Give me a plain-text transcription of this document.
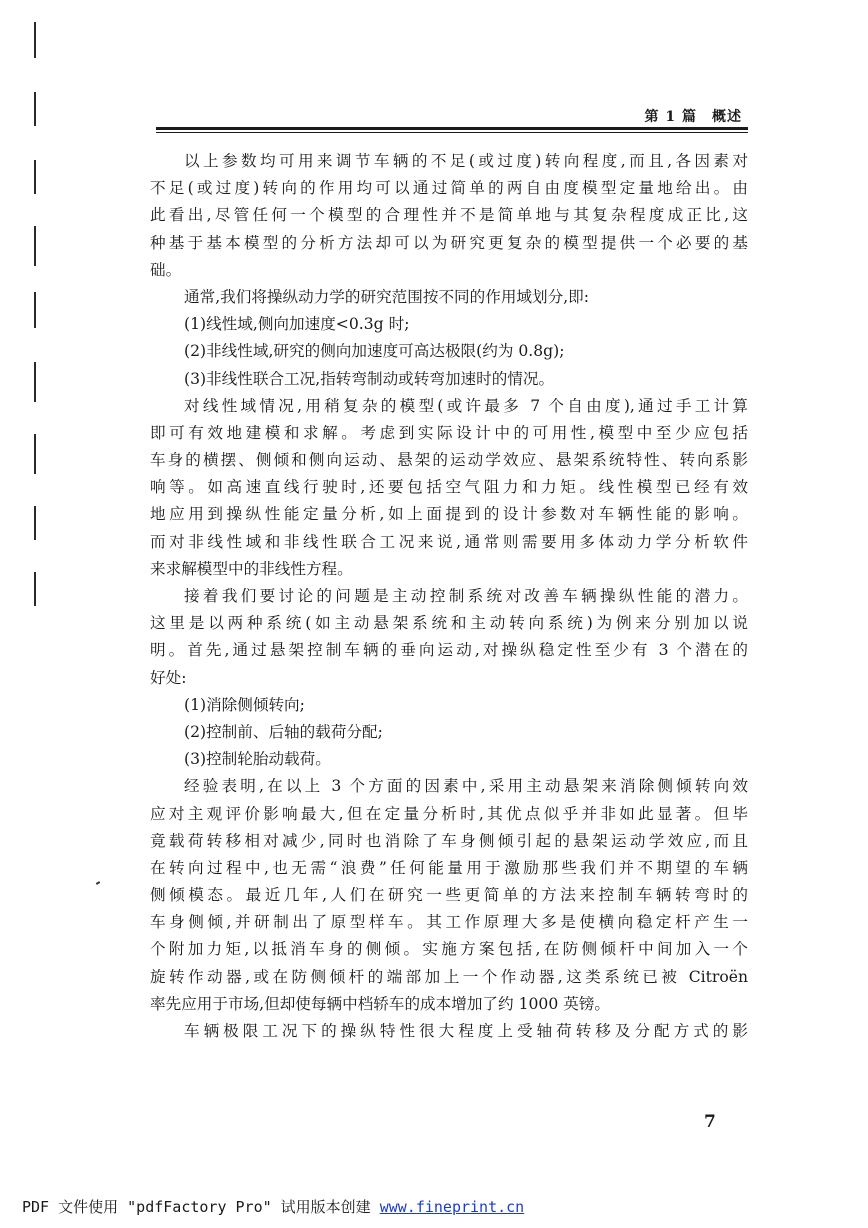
第 1 篇　概述
以上参数均可用来调节车辆的不足(或过度)转向程度,而且,各因素对
不足(或过度)转向的作用均可以通过简单的两自由度模型定量地给出。由
此看出,尽管任何一个模型的合理性并不是简单地与其复杂程度成正比,这
种基于基本模型的分析方法却可以为研究更复杂的模型提供一个必要的基
础。
通常,我们将操纵动力学的研究范围按不同的作用域划分,即:
(1)线性域,侧向加速度<0.3g 时;
(2)非线性域,研究的侧向加速度可高达极限(约为 0.8g);
(3)非线性联合工况,指转弯制动或转弯加速时的情况。
对线性域情况,用稍复杂的模型(或许最多 7 个自由度),通过手工计算
即可有效地建模和求解。考虑到实际设计中的可用性,模型中至少应包括
车身的横摆、侧倾和侧向运动、悬架的运动学效应、悬架系统特性、转向系影
响等。如高速直线行驶时,还要包括空气阻力和力矩。线性模型已经有效
地应用到操纵性能定量分析,如上面提到的设计参数对车辆性能的影响。
而对非线性域和非线性联合工况来说,通常则需要用多体动力学分析软件
来求解模型中的非线性方程。
接着我们要讨论的问题是主动控制系统对改善车辆操纵性能的潜力。
这里是以两种系统(如主动悬架系统和主动转向系统)为例来分别加以说
明。首先,通过悬架控制车辆的垂向运动,对操纵稳定性至少有 3 个潜在的
好处:
(1)消除侧倾转向;
(2)控制前、后轴的载荷分配;
(3)控制轮胎动载荷。
经验表明,在以上 3 个方面的因素中,采用主动悬架来消除侧倾转向效
应对主观评价影响最大,但在定量分析时,其优点似乎并非如此显著。但毕
竟载荷转移相对减少,同时也消除了车身侧倾引起的悬架运动学效应,而且
在转向过程中,也无需“浪费”任何能量用于激励那些我们并不期望的车辆
侧倾模态。最近几年,人们在研究一些更简单的方法来控制车辆转弯时的
车身侧倾,并研制出了原型样车。其工作原理大多是使横向稳定杆产生一
个附加力矩,以抵消车身的侧倾。实施方案包括,在防侧倾杆中间加入一个
旋转作动器,或在防侧倾杆的端部加上一个作动器,这类系统已被 Citroën
率先应用于市场,但却使每辆中档轿车的成本增加了约 1000 英镑。
车辆极限工况下的操纵特性很大程度上受轴荷转移及分配方式的影
7
PDF 文件使用 "pdfFactory Pro" 试用版本创建 www.fineprint.cn
